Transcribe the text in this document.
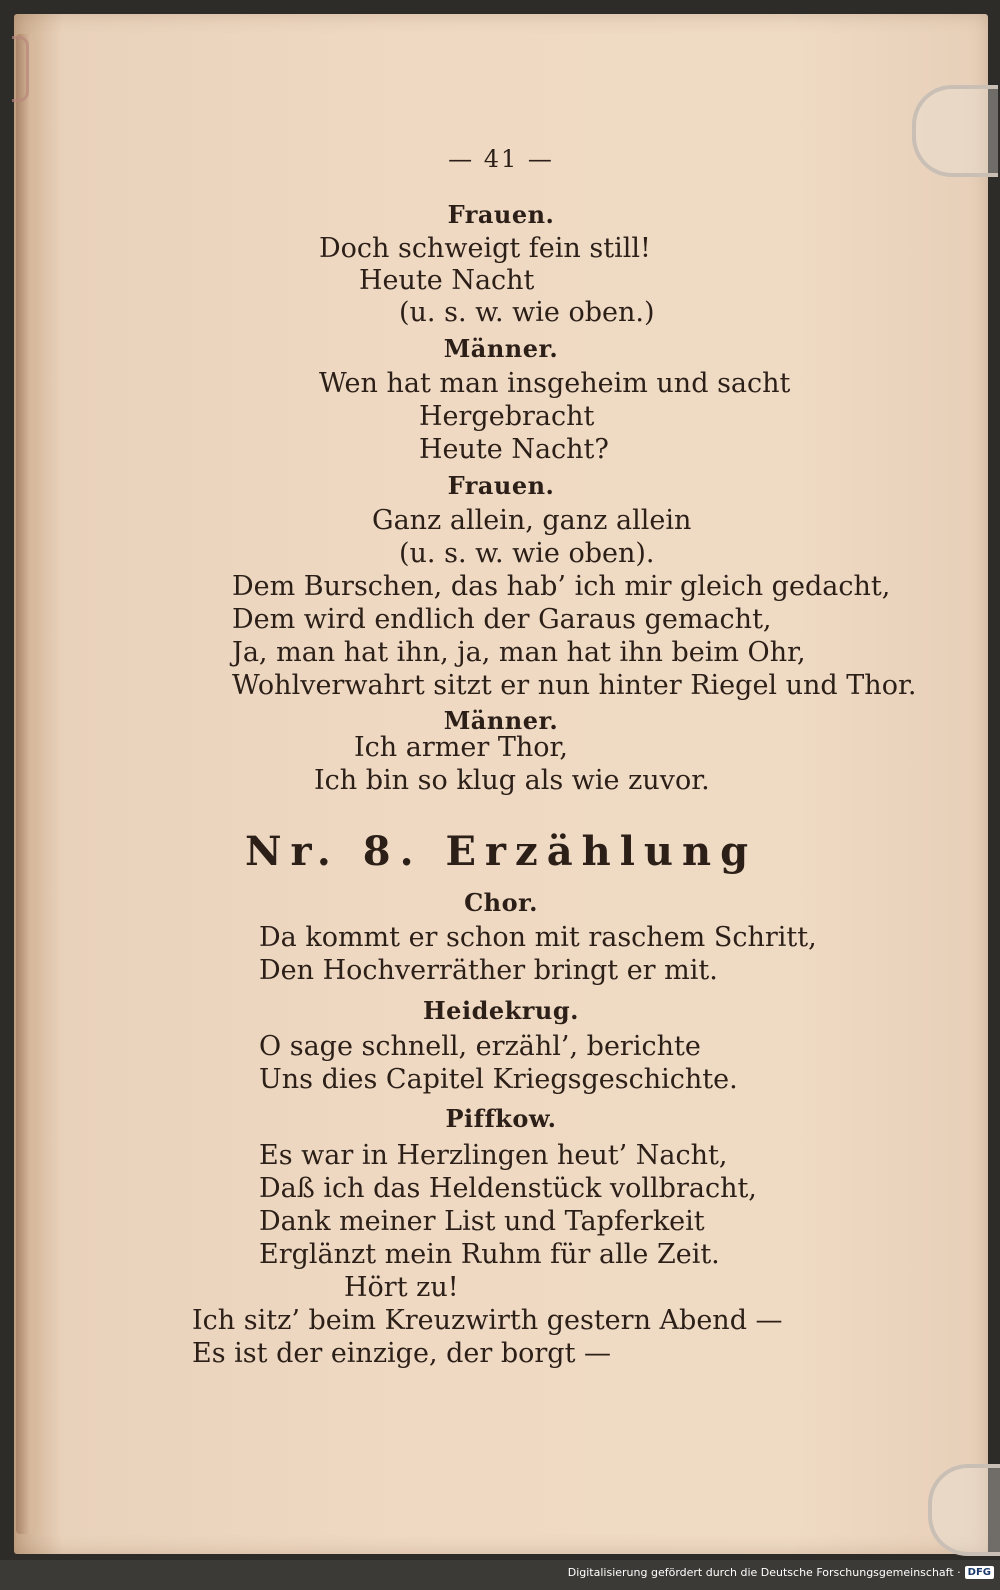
— 41 —
Frauen.
Doch schweigt fein still!
Heute Nacht
(u. s. w. wie oben.)
Männer.
Wen hat man insgeheim und sacht
Hergebracht
Heute Nacht?
Frauen.
Ganz allein, ganz allein
(u. s. w. wie oben).
Dem Burschen, das hab’ ich mir gleich gedacht,
Dem wird endlich der Garaus gemacht,
Ja, man hat ihn, ja, man hat ihn beim Ohr,
Wohlverwahrt sitzt er nun hinter Riegel und Thor.
Männer.
Ich armer Thor,
Ich bin so klug als wie zuvor.
Nr. 8. Erzählung
Chor.
Da kommt er schon mit raschem Schritt,
Den Hochverräther bringt er mit.
Heidekrug.
O sage schnell, erzähl’, berichte
Uns dies Capitel Kriegsgeschichte.
Piffkow.
Es war in Herzlingen heut’ Nacht,
Daß ich das Heldenstück vollbracht,
Dank meiner List und Tapferkeit
Erglänzt mein Ruhm für alle Zeit.
Hört zu!
Ich sitz’ beim Kreuzwirth gestern Abend —
Es ist der einzige, der borgt —
Digitalisierung gefördert durch die Deutsche Forschungsgemeinschaft · DFG
